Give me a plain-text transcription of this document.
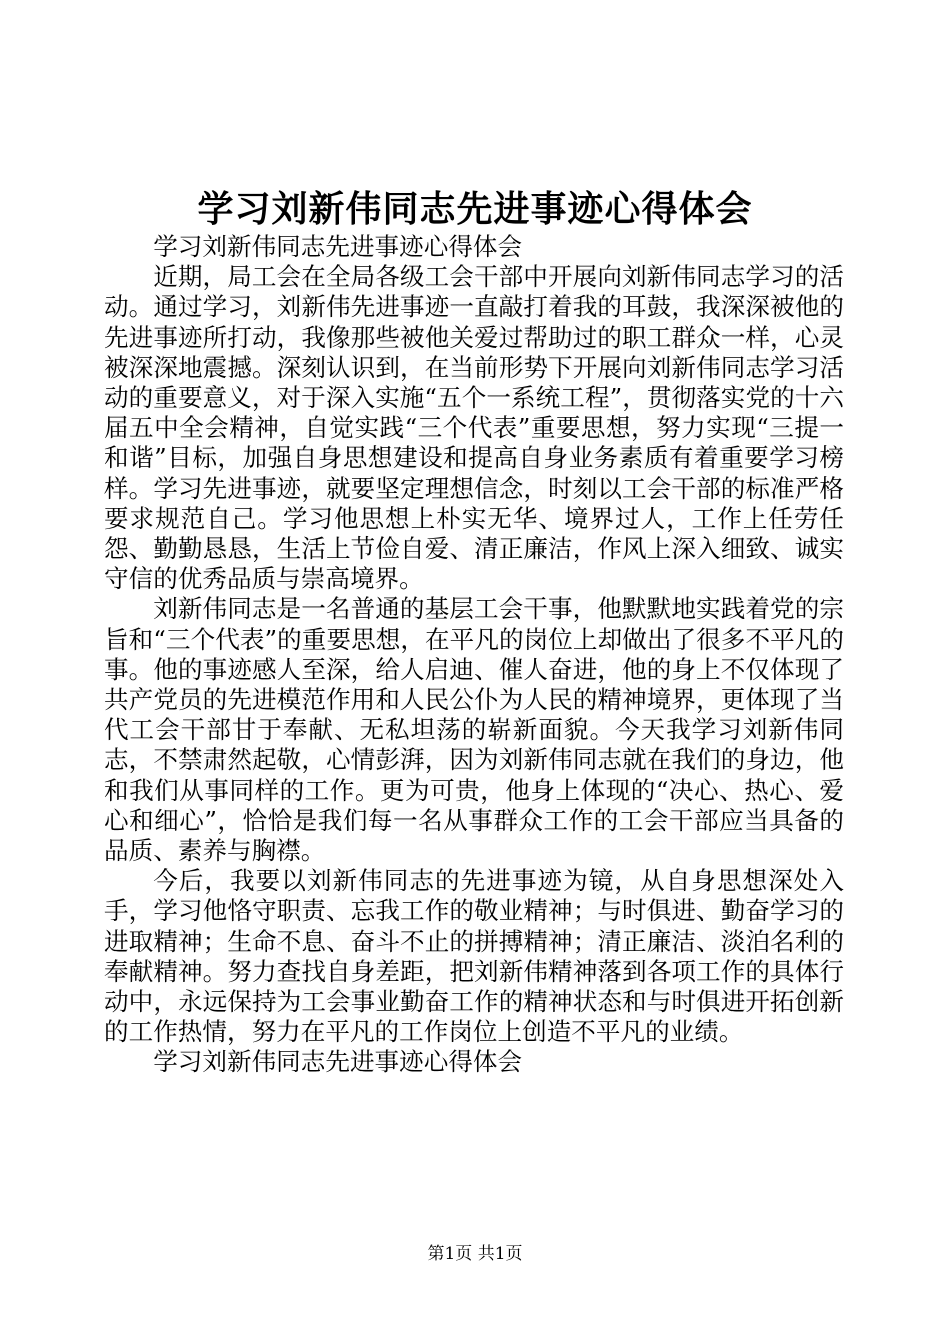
学习刘新伟同志先进事迹心得体会

学习刘新伟同志先进事迹心得体会

近期，局工会在全局各级工会干部中开展向刘新伟同志学习的活动。通过学习，刘新伟先进事迹一直敲打着我的耳鼓，我深深被他的先进事迹所打动，我像那些被他关爱过帮助过的职工群众一样，心灵被深深地震撼。深刻认识到，在当前形势下开展向刘新伟同志学习活动的重要意义，对于深入实施“五个一系统工程”，贯彻落实党的十六届五中全会精神，自觉实践“三个代表”重要思想，努力实现“三提一和谐”目标，加强自身思想建设和提高自身业务素质有着重要学习榜样。学习先进事迹，就要坚定理想信念，时刻以工会干部的标准严格要求规范自己。学习他思想上朴实无华、境界过人，工作上任劳任怨、勤勤恳恳，生活上节俭自爱、清正廉洁，作风上深入细致、诚实守信的优秀品质与崇高境界。

刘新伟同志是一名普通的基层工会干事，他默默地实践着党的宗旨和“三个代表”的重要思想，在平凡的岗位上却做出了很多不平凡的事。他的事迹感人至深，给人启迪、催人奋进，他的身上不仅体现了共产党员的先进模范作用和人民公仆为人民的精神境界，更体现了当代工会干部甘于奉献、无私坦荡的崭新面貌。今天我学习刘新伟同志，不禁肃然起敬，心情彭湃，因为刘新伟同志就在我们的身边，他和我们从事同样的工作。更为可贵，他身上体现的“决心、热心、爱心和细心”，恰恰是我们每一名从事群众工作的工会干部应当具备的品质、素养与胸襟。

今后，我要以刘新伟同志的先进事迹为镜，从自身思想深处入手，学习他恪守职责、忘我工作的敬业精神；与时俱进、勤奋学习的进取精神；生命不息、奋斗不止的拼搏精神；清正廉洁、淡泊名利的奉献精神。努力查找自身差距，把刘新伟精神落到各项工作的具体行动中，永远保持为工会事业勤奋工作的精神状态和与时俱进开拓创新的工作热情，努力在平凡的工作岗位上创造不平凡的业绩。

学习刘新伟同志先进事迹心得体会

第1页 共1页
